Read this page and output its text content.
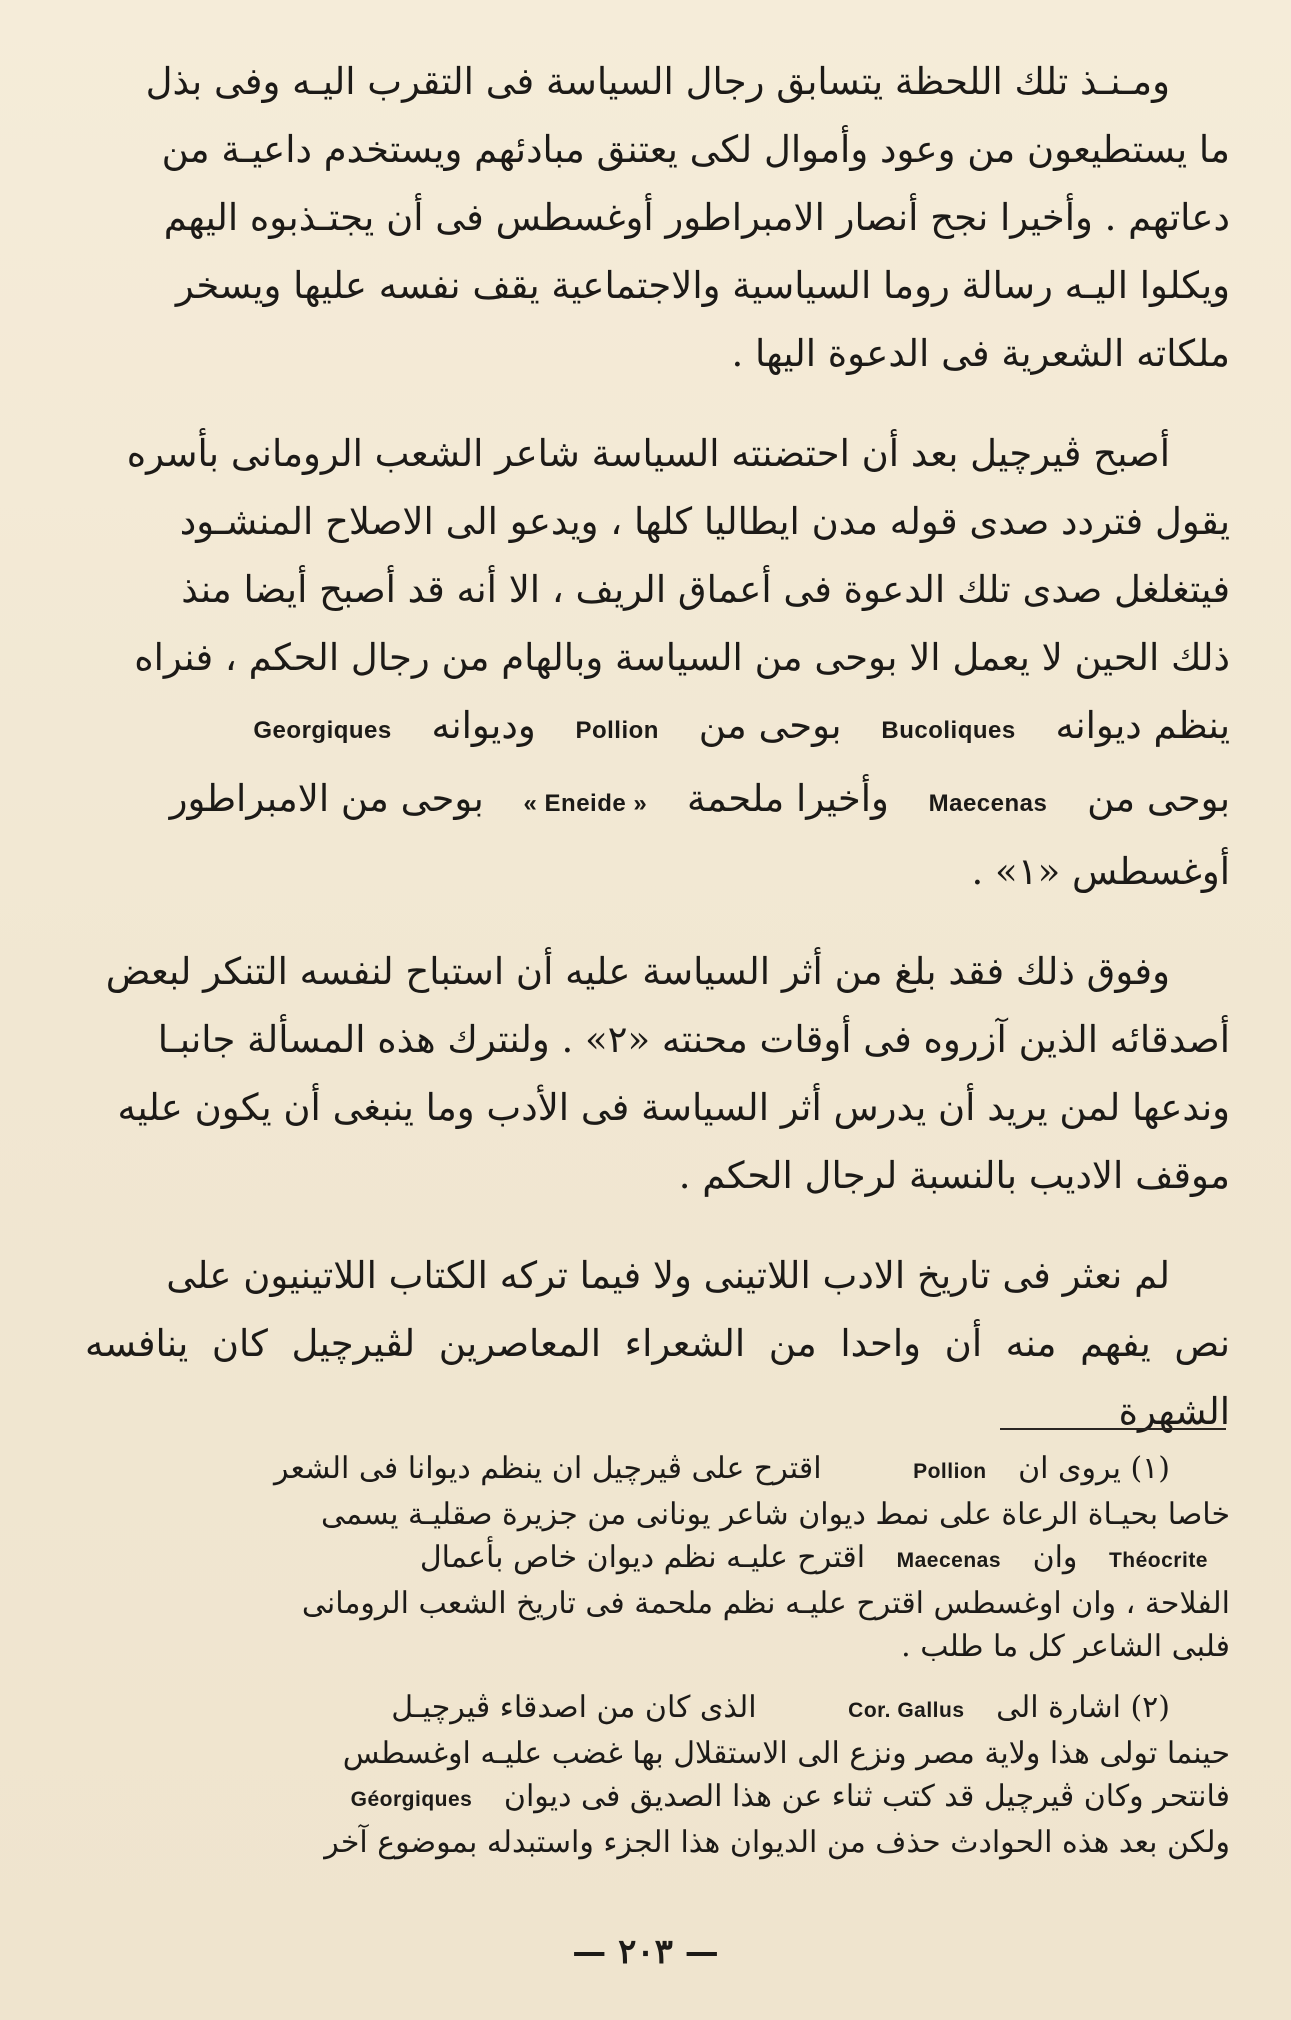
ومـنـذ تلك اللحظة يتسابق رجال السياسة فى التقرب اليـه وفى بذل

ما يستطيعون من وعود وأموال لكى يعتنق مبادئهم ويستخدم داعيـة من

دعاتهم . وأخيرا نجح أنصار الامبراطور أوغسطس فى أن يجتـذبوه اليهم

ويكلوا اليـه رسالة روما السياسية والاجتماعية يقف نفسه عليها ويسخر

ملكاته الشعرية فى الدعوة اليها .

أصبح ڤيرچيل بعد أن احتضنته السياسة شاعر الشعب الرومانى بأسره

يقول فتردد صدى قوله مدن ايطاليا كلها ، ويدعو الى الاصلاح المنشـود

فيتغلغل صدى تلك الدعوة فى أعماق الريف ، الا أنه قد أصبح أيضا منذ

ذلك الحين لا يعمل الا بوحى من السياسة وبالهام من رجال الحكم ، فنراه

ينظم ديوانه Bucoliques بوحى من Pollion وديوانه Georgiques

بوحى من Maecenas وأخيرا ملحمة « Eneide » بوحى من الامبراطور

أوغسطس «١» .

وفوق ذلك فقد بلغ من أثر السياسة عليه أن استباح لنفسه التنكر لبعض

أصدقائه الذين آزروه فى أوقات محنته «٢» . ولنترك هذه المسألة جانبـا

وندعها لمن يريد أن يدرس أثر السياسة فى الأدب وما ينبغى أن يكون عليه

موقف الاديب بالنسبة لرجال الحكم .

لم نعثر فى تاريخ الادب اللاتينى ولا فيما تركه الكتاب اللاتينيون على

نص يفهم منه أن واحدا من الشعراء المعاصرين لڤيرچيل كان ينافسه الشهرة

(١) يروى ان Pollion اقترح على ڤيرچيل ان ينظم ديوانا فى الشعر

خاصا بحيـاة الرعاة على نمط ديوان شاعر يونانى من جزيرة صقليـة يسمى

Théocrite وان Maecenas اقترح عليـه نظم ديوان خاص بأعمال

الفلاحة ، وان اوغسطس اقترح عليـه نظم ملحمة فى تاريخ الشعب الرومانى

فلبى الشاعر كل ما طلب .

(٢) اشارة الى Cor. Gallus الذى كان من اصدقاء ڤيرچيـل

حينما تولى هذا ولاية مصر ونزع الى الاستقلال بها غضب عليـه اوغسطس

فانتحر وكان ڤيرچيل قد كتب ثناء عن هذا الصديق فى ديوان Géorgiques

ولكن بعد هذه الحوادث حذف من الديوان هذا الجزء واستبدله بموضوع آخر

— ٢٠٣ —
